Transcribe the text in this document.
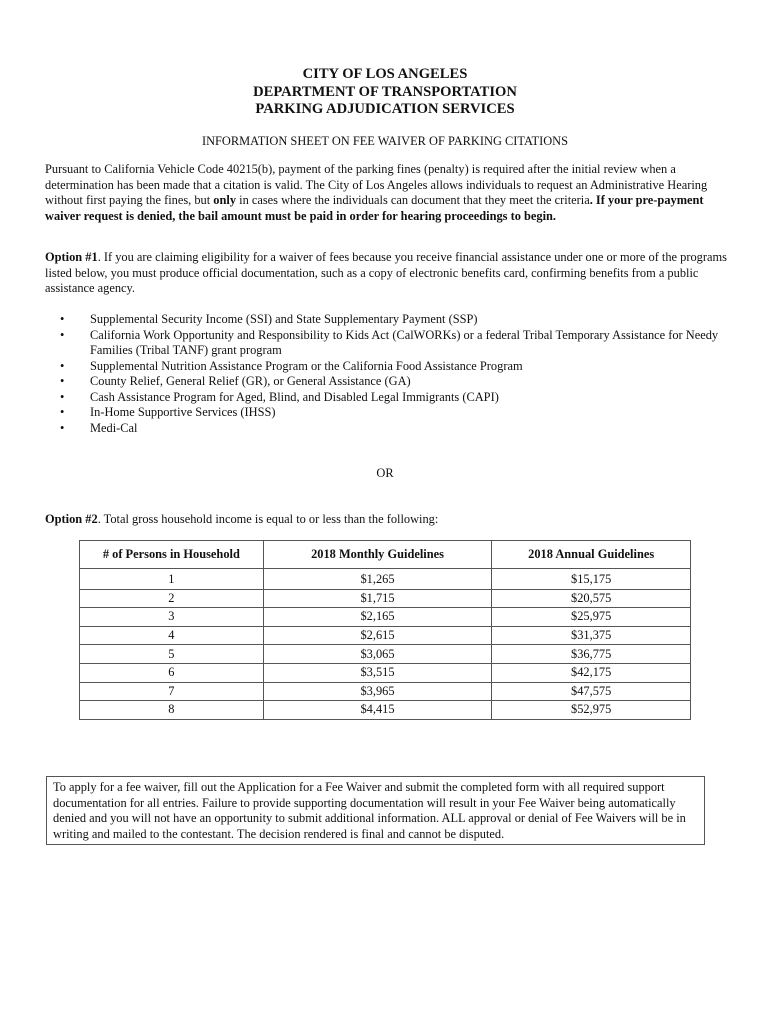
CITY OF LOS ANGELES
DEPARTMENT OF TRANSPORTATION
PARKING ADJUDICATION SERVICES
INFORMATION SHEET ON FEE WAIVER OF PARKING CITATIONS

Pursuant to California Vehicle Code 40215(b), payment of the parking fines (penalty) is required after the initial review when a determination has been made that a citation is valid. The City of Los Angeles allows individuals to request an Administrative Hearing without first paying the fines, but only in cases where the individuals can document that they meet the criteria. If your pre-payment waiver request is denied, the bail amount must be paid in order for hearing proceedings to begin.

Option #1. If you are claiming eligibility for a waiver of fees because you receive financial assistance under one or more of the programs listed below, you must produce official documentation, such as a copy of electronic benefits card, confirming benefits from a public assistance agency.

• Supplemental Security Income (SSI) and State Supplementary Payment (SSP)
• California Work Opportunity and Responsibility to Kids Act (CalWORKs) or a federal Tribal Temporary Assistance for Needy Families (Tribal TANF) grant program
• Supplemental Nutrition Assistance Program or the California Food Assistance Program
• County Relief, General Relief (GR), or General Assistance (GA)
• Cash Assistance Program for Aged, Blind, and Disabled Legal Immigrants (CAPI)
• In-Home Supportive Services (IHSS)
• Medi-Cal
OR

Option #2. Total gross household income is equal to or less than the following:

# of Persons in Household	2018 Monthly Guidelines	2018 Annual Guidelines
1	$1,265	$15,175
2	$1,715	$20,575
3	$2,165	$25,975
4	$2,615	$31,375
5	$3,065	$36,775
6	$3,515	$42,175
7	$3,965	$47,575
8	$4,415	$52,975
To apply for a fee waiver, fill out the Application for a Fee Waiver and submit the completed form with all required support documentation for all entries. Failure to provide supporting documentation will result in your Fee Waiver being automatically denied and you will not have an opportunity to submit additional information. ALL approval or denial of Fee Waivers will be in writing and mailed to the contestant. The decision rendered is final and cannot be disputed.
